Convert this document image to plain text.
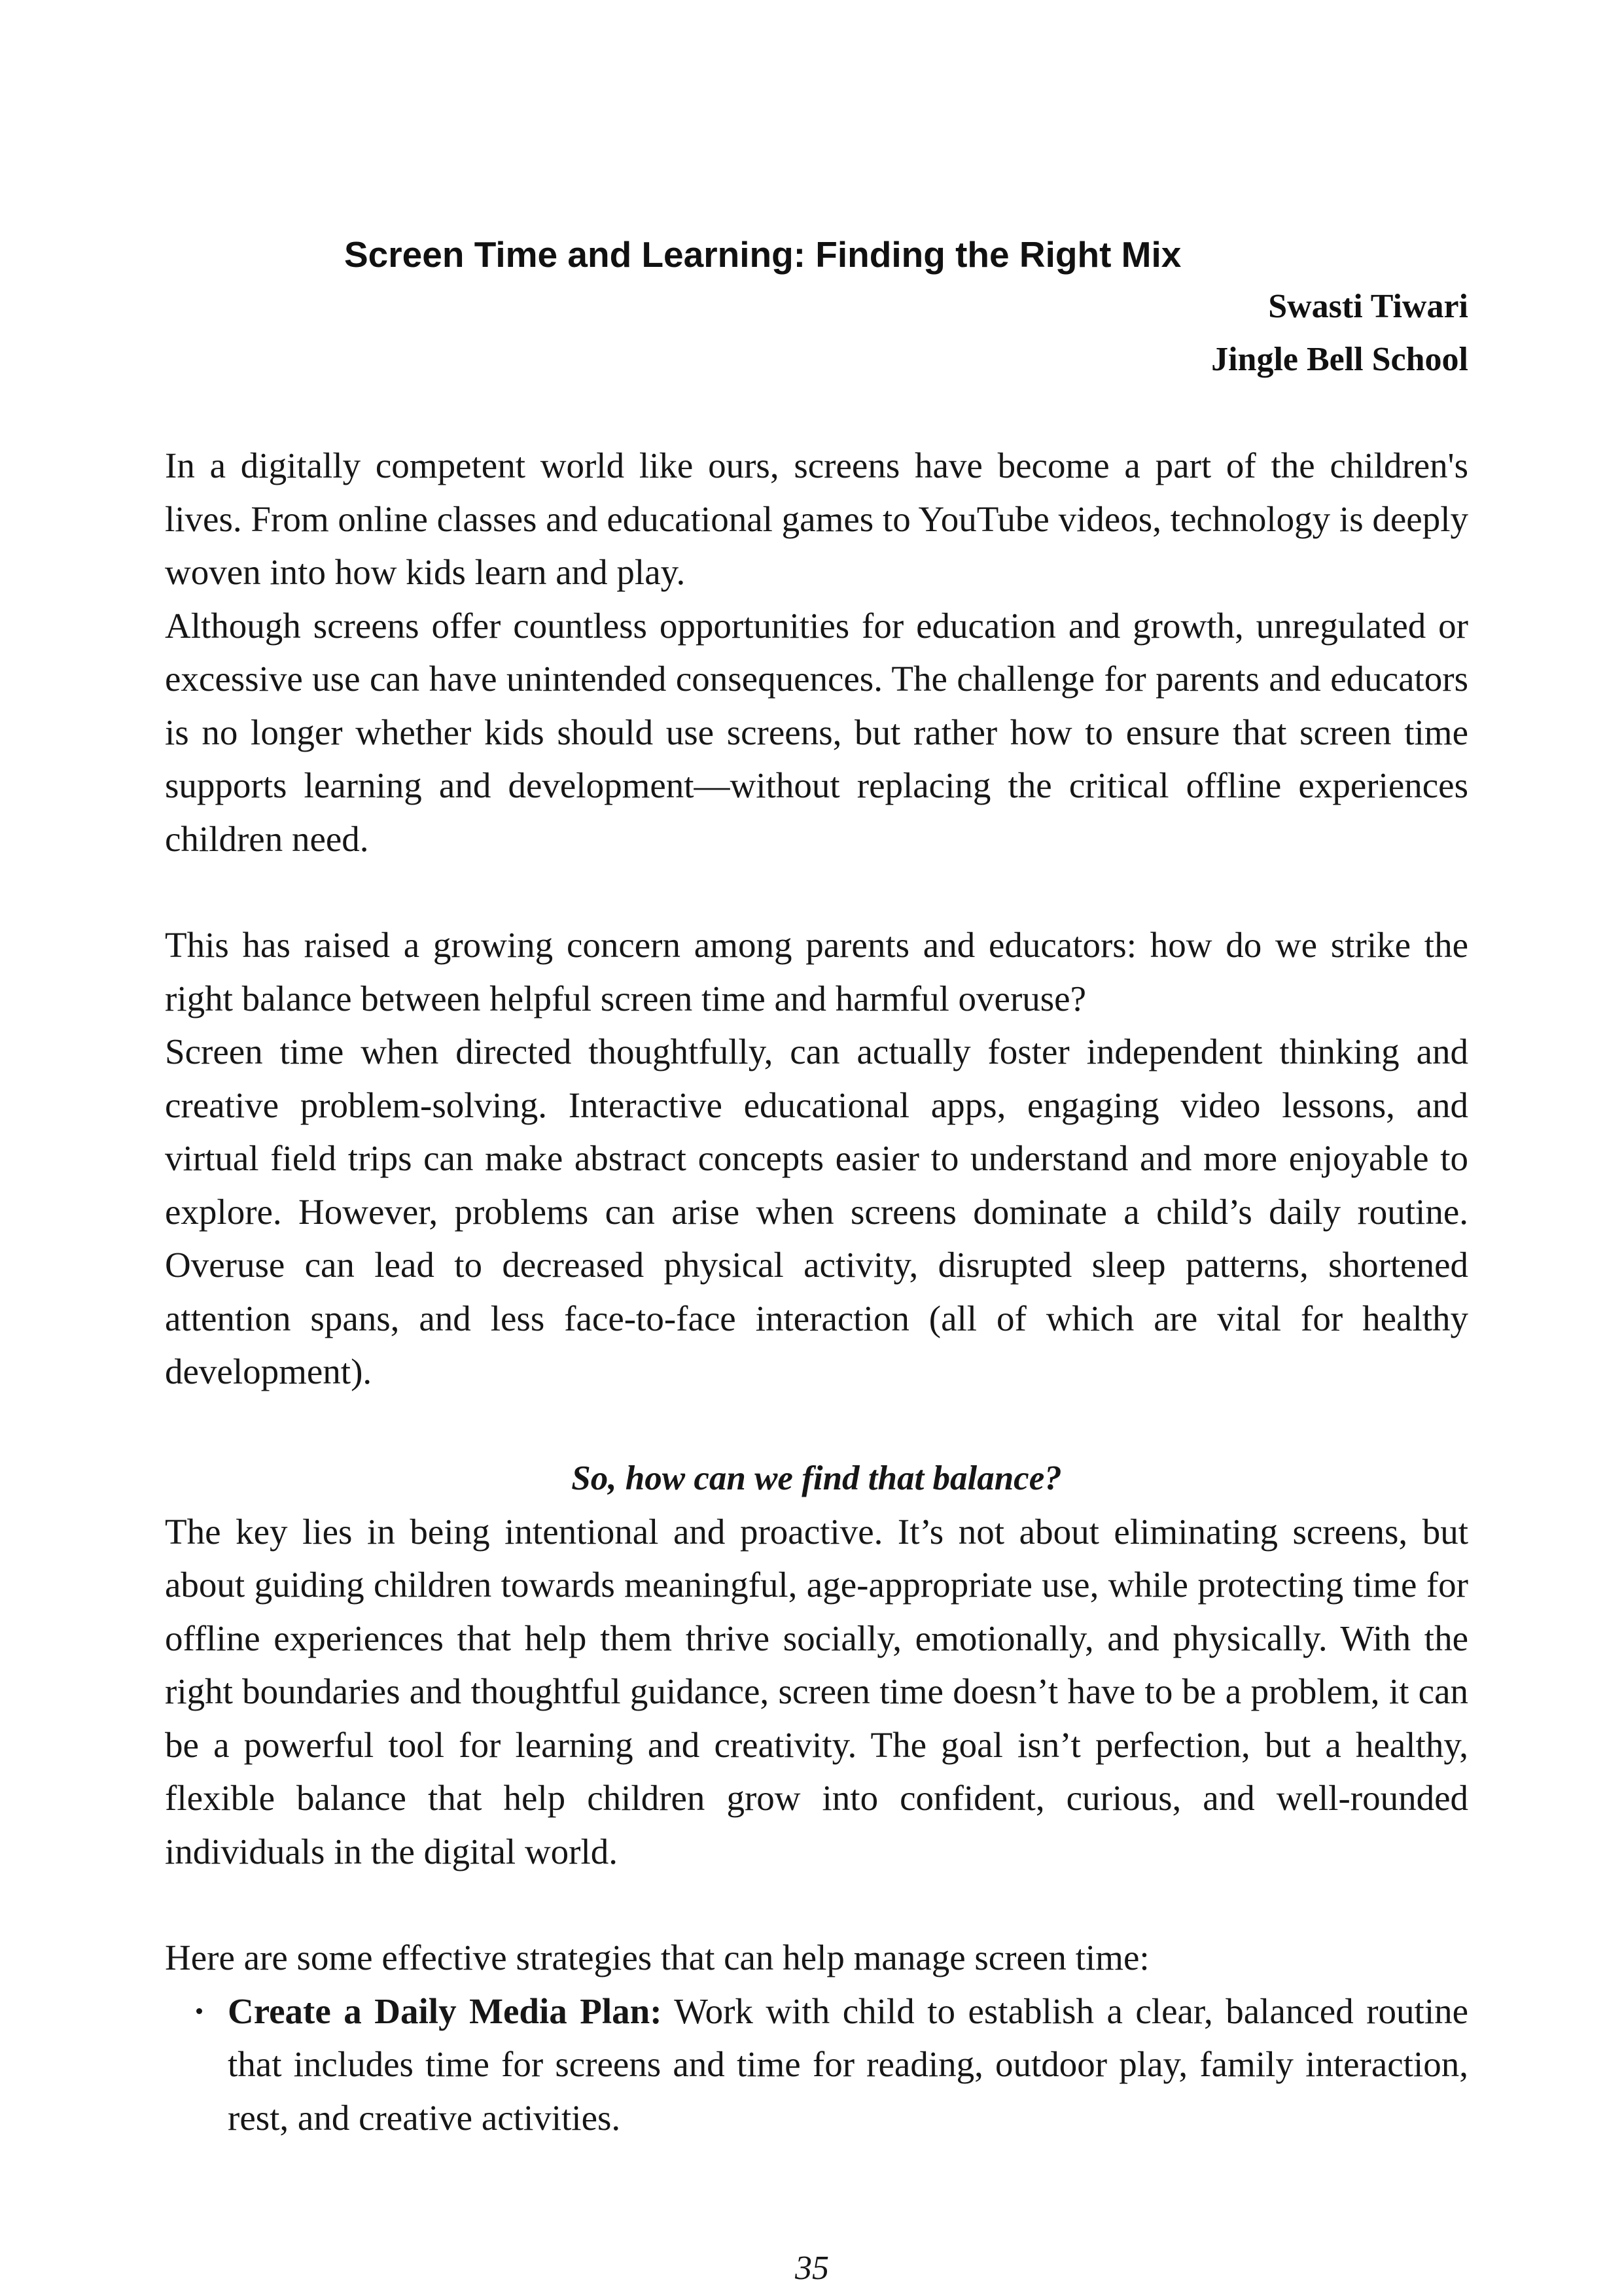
Screen Time and Learning: Finding the Right Mix
Swasti Tiwari
Jingle Bell School

In a digitally competent world like ours, screens have become a part of the children's lives. From online classes and educational games to YouTube videos, technology is deeply woven into how kids learn and play.

Although screens offer countless opportunities for education and growth, unregulated or excessive use can have unintended consequences. The challenge for parents and educators is no longer whether kids should use screens, but rather how to ensure that screen time supports learning and development—without replacing the critical offline experiences children need.

This has raised a growing concern among parents and educators: how do we strike the right balance between helpful screen time and harmful overuse?

Screen time when directed thoughtfully, can actually foster independent thinking and creative problem-solving. Interactive educational apps, engaging video lessons, and virtual field trips can make abstract concepts easier to understand and more enjoyable to explore. However, problems can arise when screens dominate a child’s daily routine. Overuse can lead to decreased physical activity, disrupted sleep patterns, shortened attention spans, and less face-to-face interaction (all of which are vital for healthy development).

So, how can we find that balance?

The key lies in being intentional and proactive. It’s not about eliminating screens, but about guiding children towards meaningful, age-appropriate use, while protecting time for offline experiences that help them thrive socially, emotionally, and physically. With the right boundaries and thoughtful guidance, screen time doesn’t have to be a problem, it can be a powerful tool for learning and creativity. The goal isn’t perfection, but a healthy, flexible balance that help children grow into confident, curious, and well-rounded individuals in the digital world.

Here are some effective strategies that can help manage screen time:

Create a Daily Media Plan: Work with child to establish a clear, balanced routine that includes time for screens and time for reading, outdoor play, family interaction, rest, and creative activities.
35
